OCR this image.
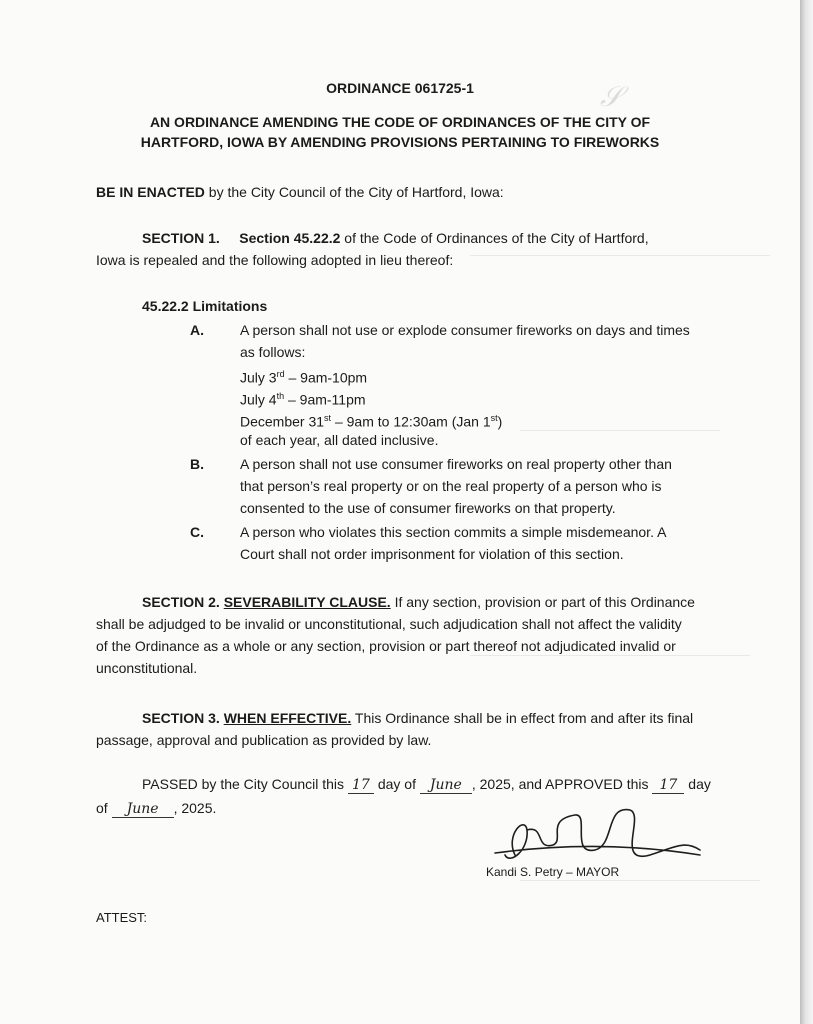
𝒮
ORDINANCE 061725-1
AN ORDINANCE AMENDING THE CODE OF ORDINANCES OF THE CITY OF
HARTFORD, IOWA BY AMENDING PROVISIONS PERTAINING TO FIREWORKS
BE IN ENACTED by the City Council of the City of Hartford, Iowa:
SECTION 1. Section 45.22.2 of the Code of Ordinances of the City of Hartford,
Iowa is repealed and the following adopted in lieu thereof:
45.22.2 Limitations
A.	A person shall not use or explode consumer fireworks on days and times
as follows:
July 3rd – 9am-10pm
July 4th – 9am-11pm
December 31st – 9am to 12:30am (Jan 1st)
of each year, all dated inclusive.
B.	A person shall not use consumer fireworks on real property other than
that person’s real property or on the real property of a person who is
consented to the use of consumer fireworks on that property.
C.	A person who violates this section commits a simple misdemeanor. A
Court shall not order imprisonment for violation of this section.
SECTION 2. SEVERABILITY CLAUSE. If any section, provision or part of this Ordinance
shall be adjudged to be invalid or unconstitutional, such adjudication shall not affect the validity
of the Ordinance as a whole or any section, provision or part thereof not adjudicated invalid or
unconstitutional.
SECTION 3. WHEN EFFECTIVE. This Ordinance shall be in effect from and after its final
passage, approval and publication as provided by law.
PASSED by the City Council this 17 day of June , 2025, and APPROVED this 17 day
of June , 2025.
Kandi S. Petry – MAYOR
ATTEST:
